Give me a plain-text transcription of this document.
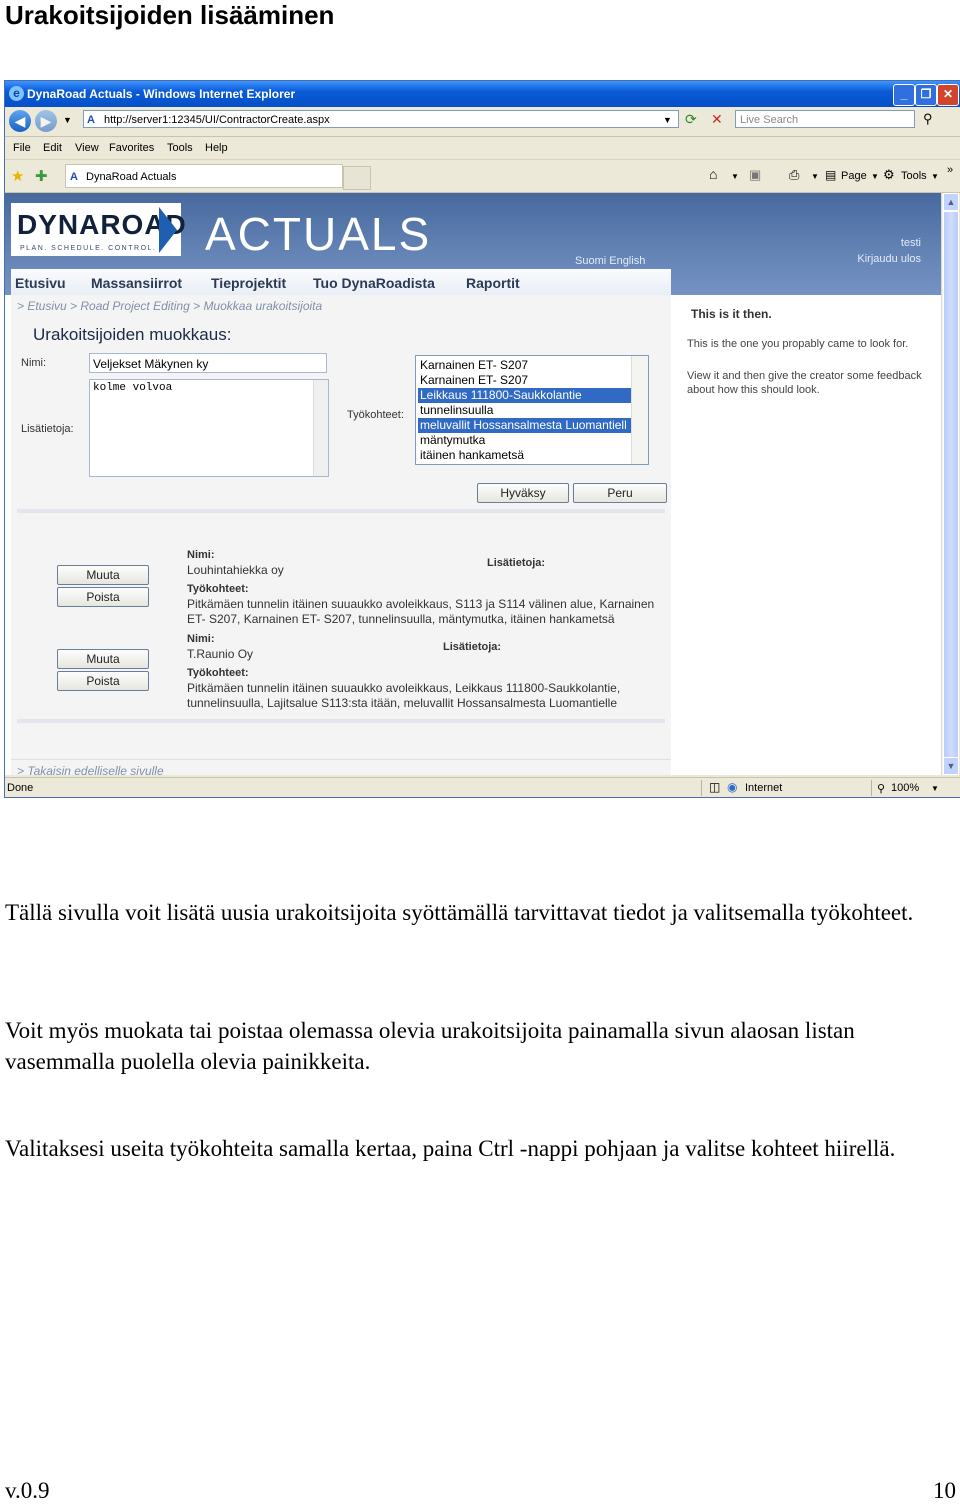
Urakoitsijoiden lisääminen
e DynaRoad Actuals - Windows Internet Explorer	_	❐ ✕
◀	▶	▼ A http://server1:12345/UI/ContractorCreate.aspx	▼ ⟳ ✕	Live Search	⚲
File Edit View Favorites Tools Help
★ ✚ A DynaRoad Actuals	⌂ ▼ ▣ ⎙ ▼ ▤ Page ▼ ⚙ Tools ▼
»
DYNAROAD
PLAN. SCHEDULE. CONTROL. ACTUALS
Suomi English
testi
Kirjaudu ulos
Etusivu Massansiirrot Tieprojektit Tuo DynaRoadista Raportit
> Etusivu > Road Project Editing > Muokkaa urakoitsijoita
Urakoitsijoiden muokkaus:
Nimi:	Veljekset Mäkynen ky
Lisätietoja:
kolme volvoa
Työkohteet:
Karnainen ET- S207
Karnainen ET- S207
Leikkaus 111800-Saukkolantie
tunnelinsuulla
meluvallit Hossansalmesta Luomantiell
mäntymutka
itäinen hankametsä
Hyväksy	Peru
Muuta
Poista
Nimi:
Louhintahiekka oy	Lisätietoja:
Työkohteet:
Pitkämäen tunnelin itäinen suuaukko avoleikkaus, S113 ja S114 välinen alue, Karnainen
ET- S207, Karnainen ET- S207, tunnelinsuulla, mäntymutka, itäinen hankametsä
Muuta
Poista
Nimi:
T.Raunio Oy	Lisätietoja:
Työkohteet:
Pitkämäen tunnelin itäinen suuaukko avoleikkaus, Leikkaus 111800-Saukkolantie,
tunnelinsuulla, Lajitsalue S113:sta itään, meluvallit Hossansalmesta Luomantielle
> Takaisin edelliselle sivulle
This is it then.
This is the one you propably came to look for.
View it and then give the creator some feedback about how this should look.
▲
▼
Done	◫ ◉ Internet	⚲ 100% ▼
Tällä sivulla voit lisätä uusia urakoitsijoita syöttämällä tarvittavat tiedot ja valitsemalla työkohteet.
Voit myös muokata tai poistaa olemassa olevia urakoitsijoita painamalla sivun alaosan listan vasemmalla puolella olevia painikkeita.
Valitaksesi useita työkohteita samalla kertaa, paina Ctrl -nappi pohjaan ja valitse kohteet hiirellä.
v.0.9	10
